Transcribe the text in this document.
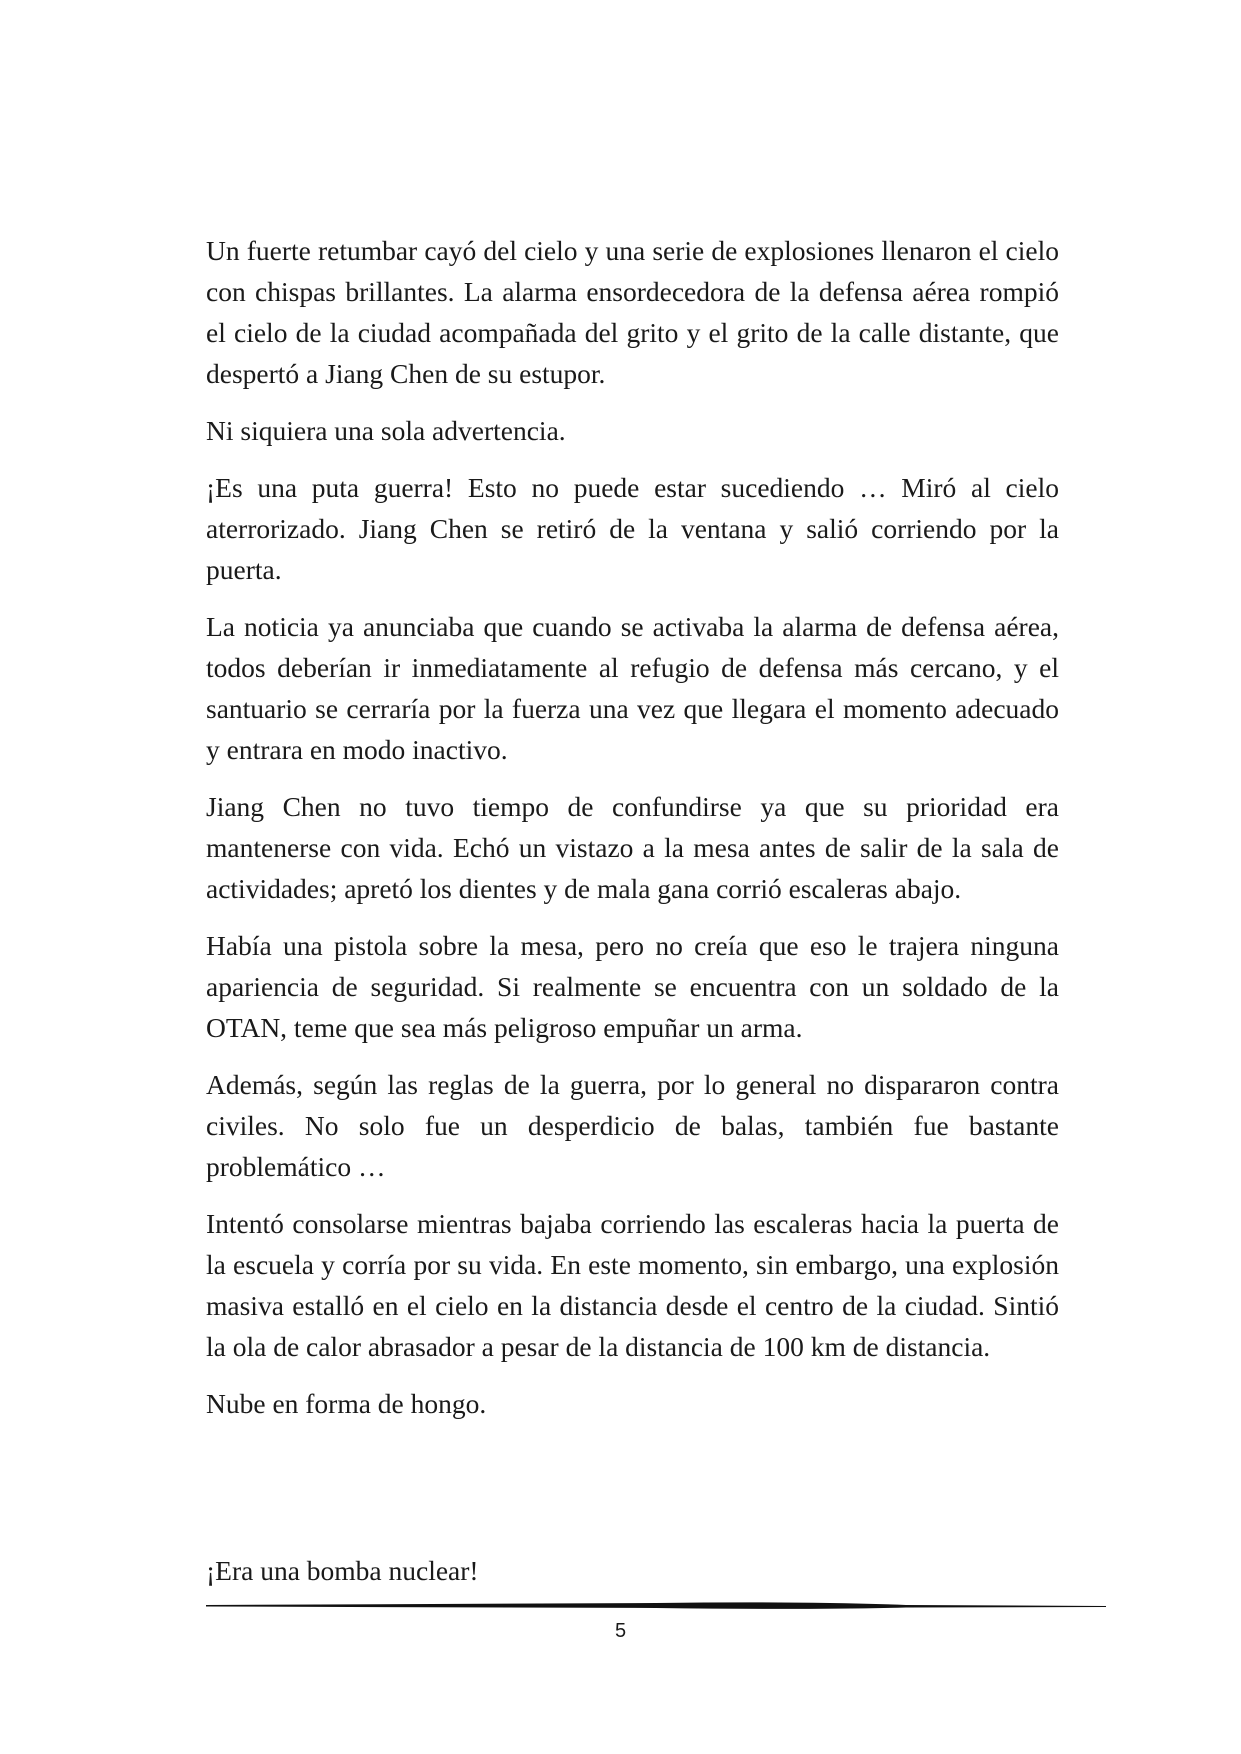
Un fuerte retumbar cayó del cielo y una serie de explosiones llenaron el cielo con chispas brillantes. La alarma ensordecedora de la defensa aérea rompió el cielo de la ciudad acompañada del grito y el grito de la calle distante, que despertó a Jiang Chen de su estupor.

Ni siquiera una sola advertencia.

¡Es una puta guerra! Esto no puede estar sucediendo … Miró al cielo aterrorizado. Jiang Chen se retiró de la ventana y salió corriendo por la puerta.

La noticia ya anunciaba que cuando se activaba la alarma de defensa aérea, todos deberían ir inmediatamente al refugio de defensa más cercano, y el santuario se cerraría por la fuerza una vez que llegara el momento adecuado y entrara en modo inactivo.

Jiang Chen no tuvo tiempo de confundirse ya que su prioridad era mantenerse con vida. Echó un vistazo a la mesa antes de salir de la sala de actividades; apretó los dientes y de mala gana corrió escaleras abajo.

Había una pistola sobre la mesa, pero no creía que eso le trajera ninguna apariencia de seguridad. Si realmente se encuentra con un soldado de la OTAN, teme que sea más peligroso empuñar un arma.

Además, según las reglas de la guerra, por lo general no dispararon contra civiles. No solo fue un desperdicio de balas, también fue bastante problemático …

Intentó consolarse mientras bajaba corriendo las escaleras hacia la puerta de la escuela y corría por su vida. En este momento, sin embargo, una explosión masiva estalló en el cielo en la distancia desde el centro de la ciudad. Sintió la ola de calor abrasador a pesar de la distancia de 100 km de distancia.

Nube en forma de hongo.

¡Era una bomba nuclear!

5
